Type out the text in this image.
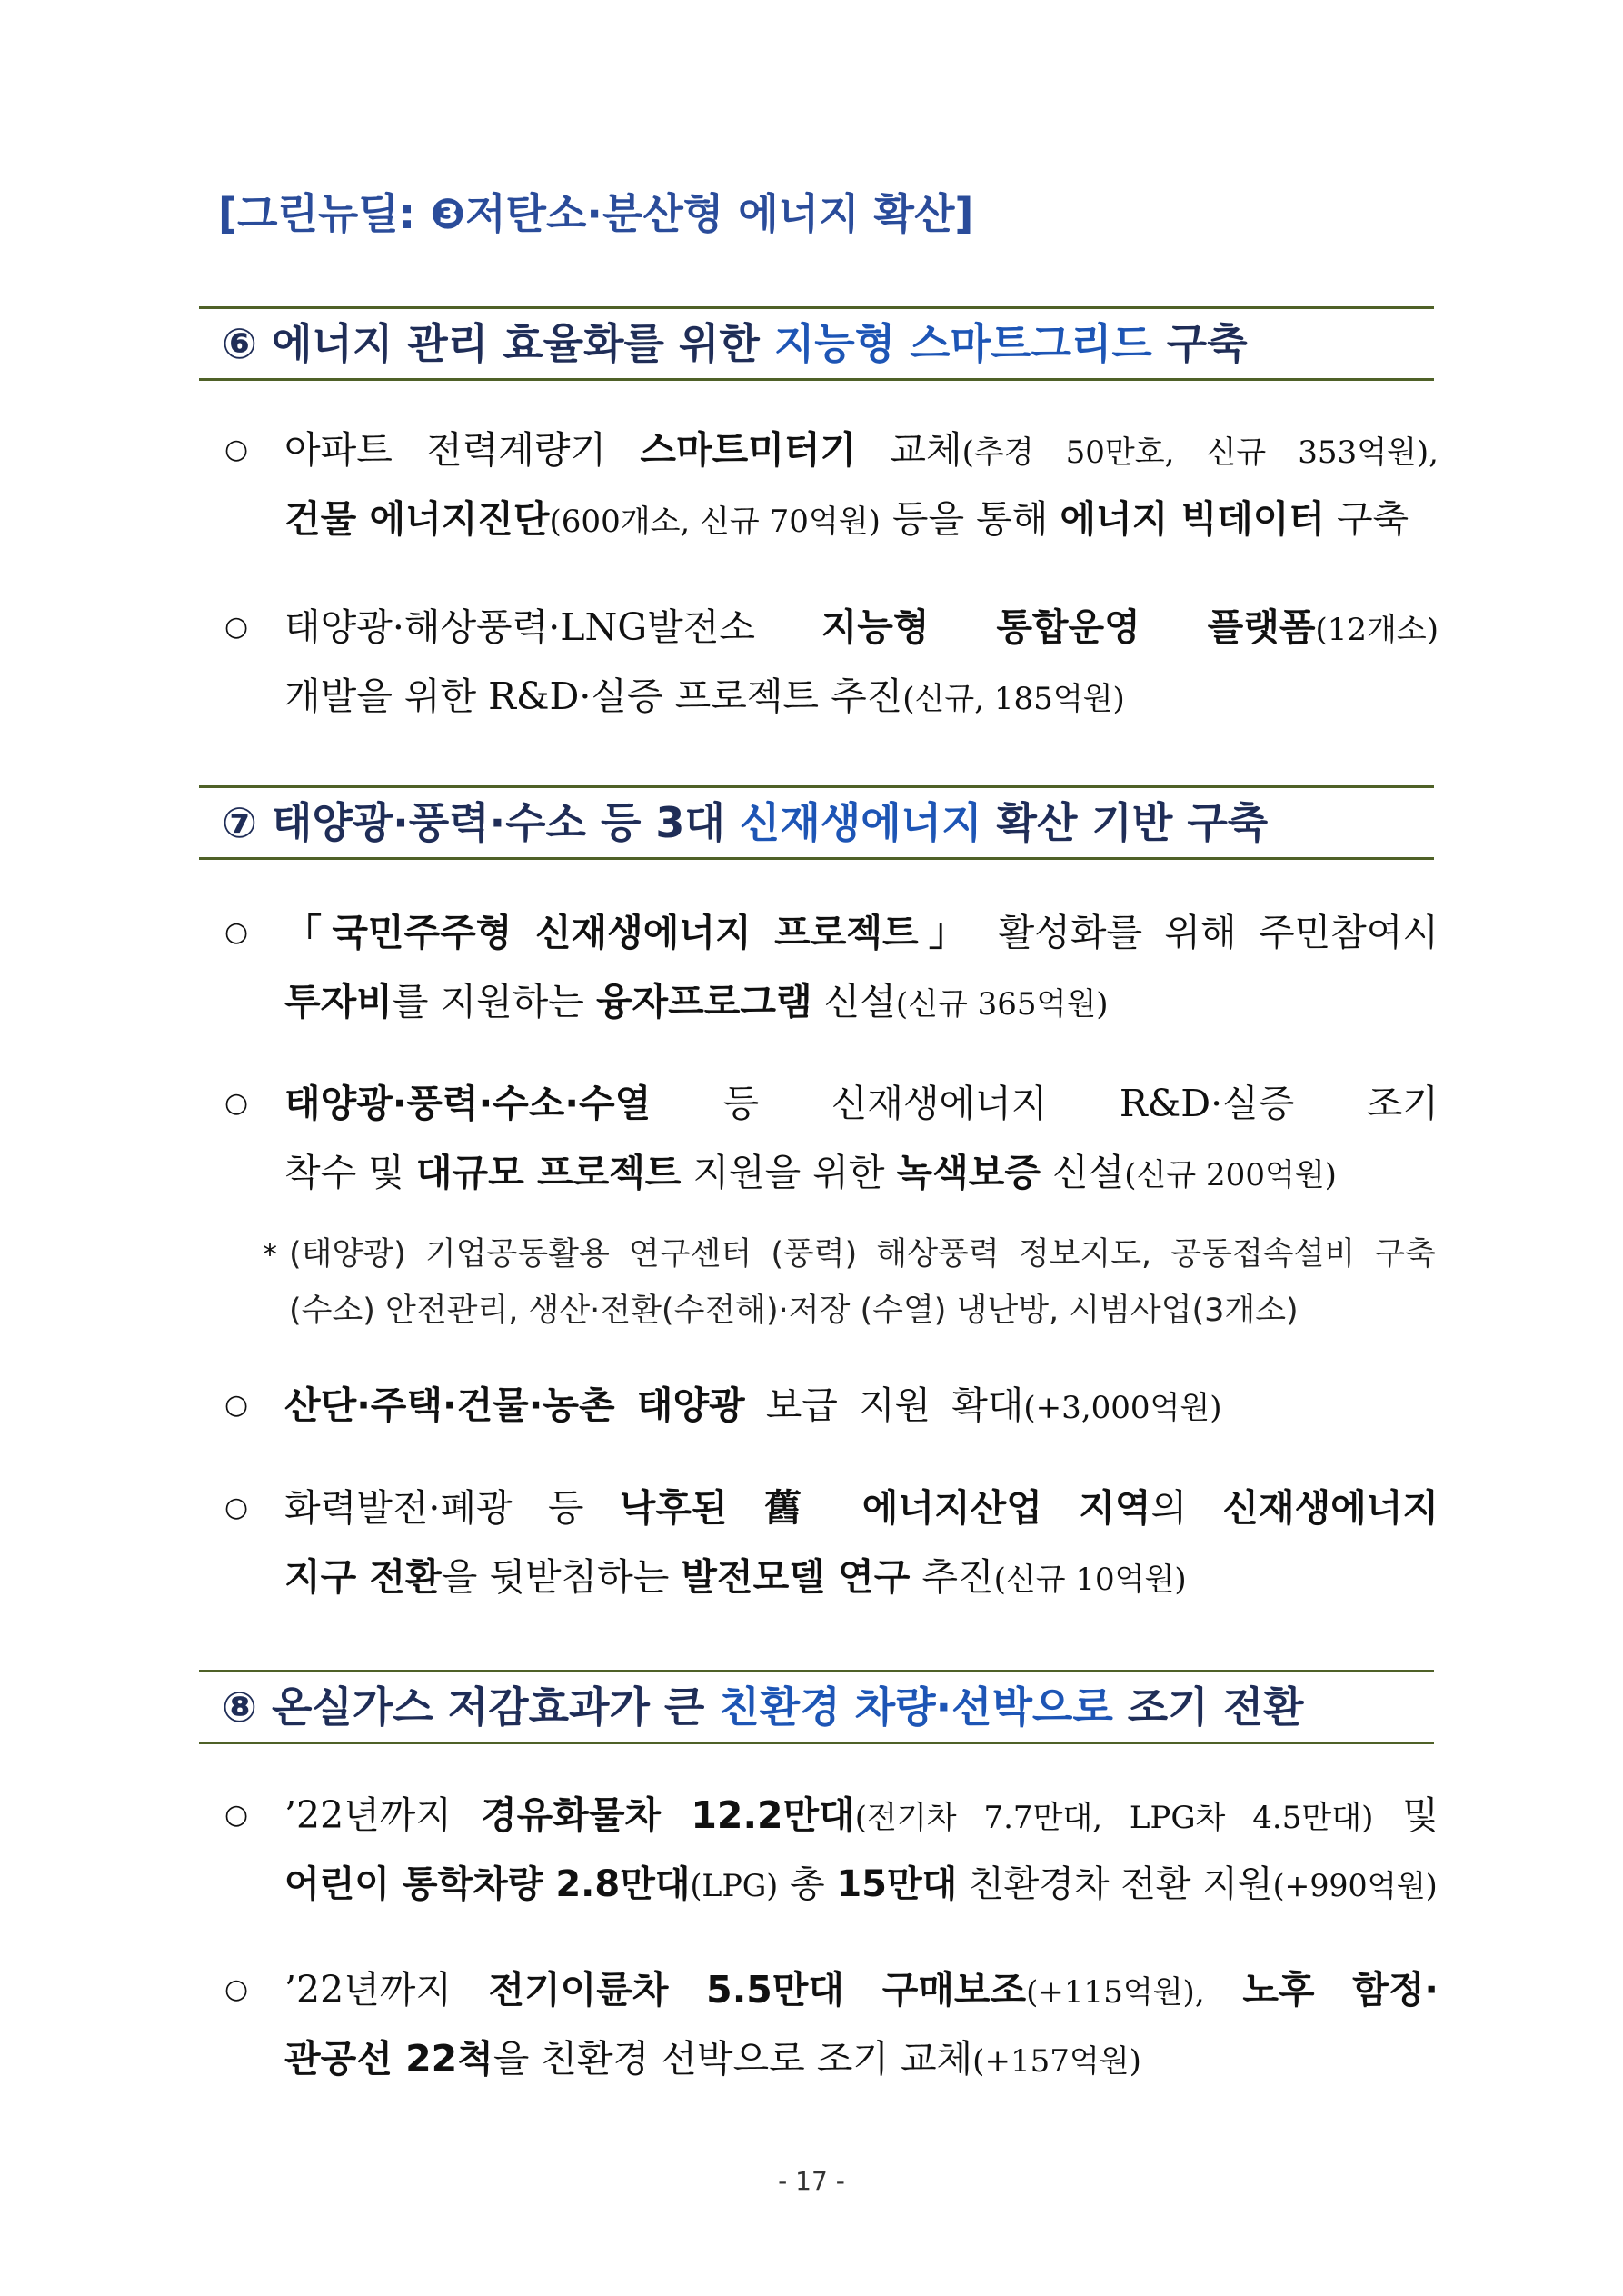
[그린뉴딜: ❸저탄소·분산형 에너지 확산]
⑥ 에너지 관리 효율화를 위한 지능형 스마트그리드 구축
○ 아파트 전력계량기 스마트미터기 교체(추경 50만호, 신규 353억원),
건물 에너지진단(600개소, 신규 70억원) 등을 통해 에너지 빅데이터 구축
○ 태양광·해상풍력·LNG발전소 지능형 통합운영 플랫폼(12개소)
개발을 위한 R&D·실증 프로젝트 추진(신규, 185억원)
⑦ 태양광·풍력·수소 등 3대 신재생에너지 확산 기반 구축
○ 「국민주주형 신재생에너지 프로젝트」 활성화를 위해 주민참여시
투자비를 지원하는 융자프로그램 신설(신규 365억원)
○ 태양광·풍력·수소·수열 등 신재생에너지 R&D·실증 조기
착수 및 대규모 프로젝트 지원을 위한 녹색보증 신설(신규 200억원)
* (태양광) 기업공동활용 연구센터 (풍력) 해상풍력 정보지도, 공동접속설비 구축
(수소) 안전관리, 생산·전환(수전해)·저장 (수열) 냉난방, 시범사업(3개소)
○ 산단·주택·건물·농촌 태양광 보급 지원 확대(+3,000억원)
○ 화력발전·폐광 등 낙후된 舊 에너지산업 지역의 신재생에너지
지구 전환을 뒷받침하는 발전모델 연구 추진(신규 10억원)
⑧ 온실가스 저감효과가 큰 친환경 차량·선박으로 조기 전환
○ ’22년까지 경유화물차 12.2만대(전기차 7.7만대, LPG차 4.5만대) 및
어린이 통학차량 2.8만대(LPG) 총 15만대 친환경차 전환 지원(+990억원)
○ ’22년까지 전기이륜차 5.5만대 구매보조(+115억원), 노후 함정·
관공선 22척을 친환경 선박으로 조기 교체(+157억원)
- 17 -
